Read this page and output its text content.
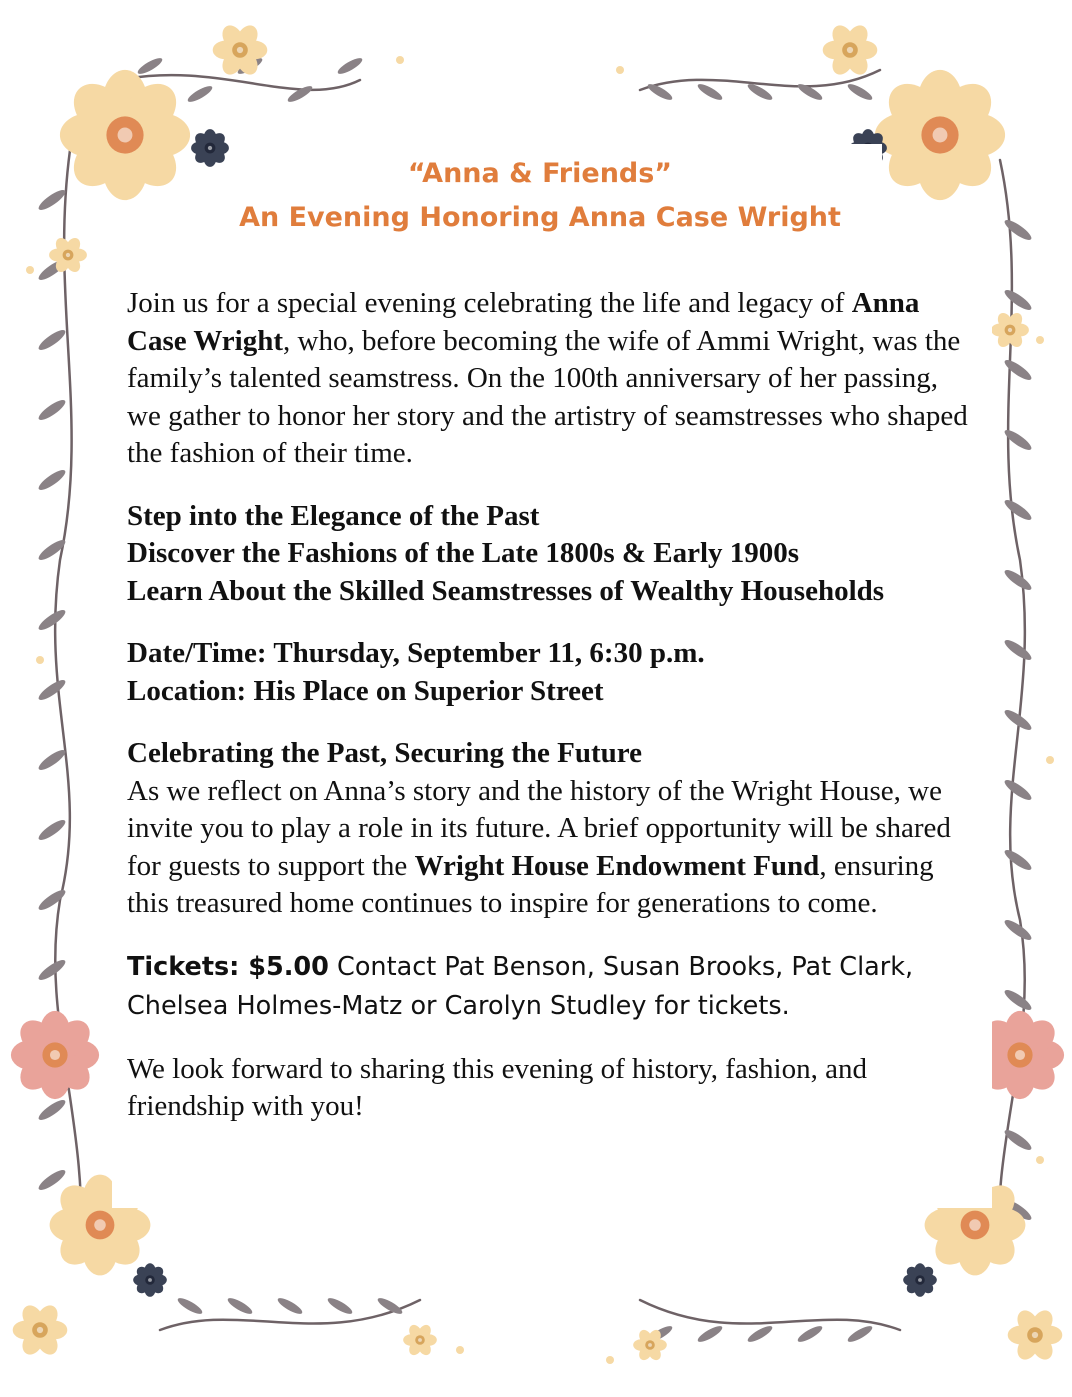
“Anna & Friends”
An Evening Honoring Anna Case Wright

Join us for a special evening celebrating the life and legacy of Anna Case Wright, who, before becoming the wife of Ammi Wright, was the family’s talented seamstress. On the 100th anniversary of her passing, we gather to honor her story and the artistry of seamstresses who shaped the fashion of their time.

Step into the Elegance of the Past
Discover the Fashions of the Late 1800s & Early 1900s
Learn About the Skilled Seamstresses of Wealthy Households

Date/Time: Thursday, September 11, 6:30 p.m.
Location: His Place on Superior Street

Celebrating the Past, Securing the Future
As we reflect on Anna’s story and the history of the Wright House, we invite you to play a role in its future. A brief opportunity will be shared for guests to support the Wright House Endowment Fund, ensuring this treasured home continues to inspire for generations to come.

Tickets: $5.00 Contact Pat Benson, Susan Brooks, Pat Clark, Chelsea Holmes-Matz or Carolyn Studley for tickets.

We look forward to sharing this evening of history, fashion, and friendship with you!
